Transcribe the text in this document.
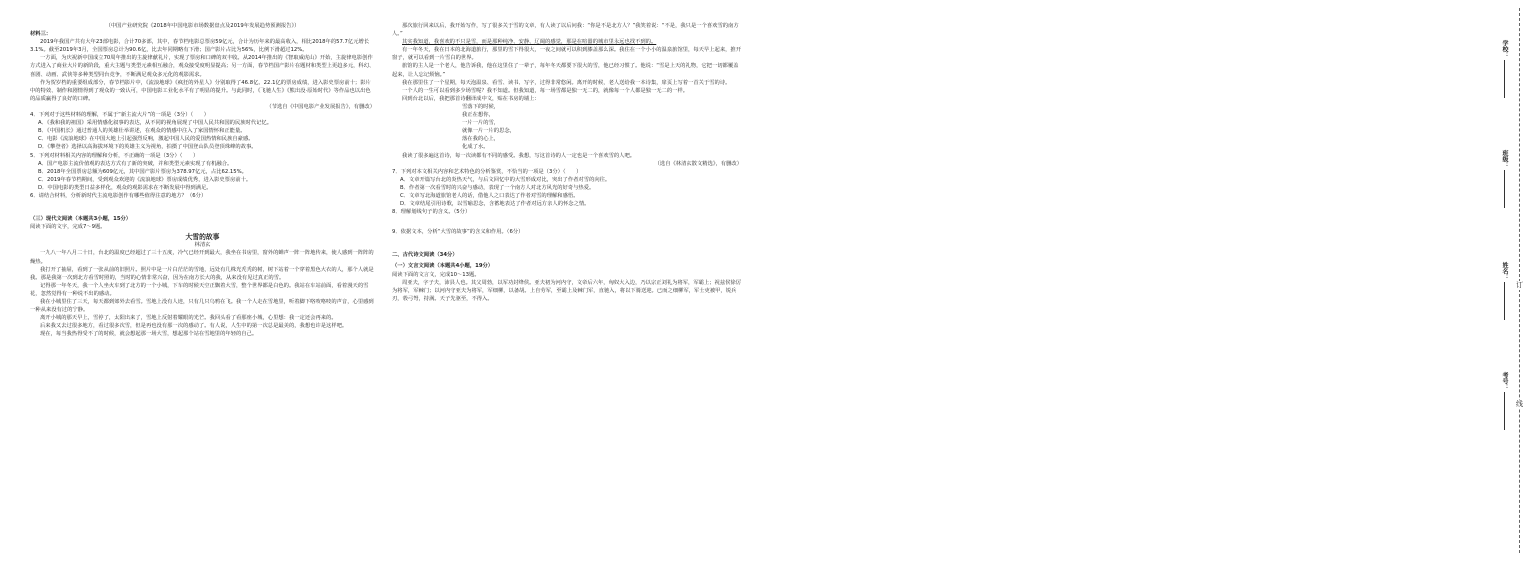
（中国产业研究院《2018年中国电影市场数据盘点及2019年发展趋势预测报告》）

材料三：

2019年我国产共有大年23部电影，合计70多部，其中，春节档电影总票房59亿元，合计为历年来的最高收入，相比2018年的57.7亿元增长3.1%。截至2019年3月，全国票房总计为90.6亿，比去年同期略有下滑；国产影片占比为56%，比例下滑超过12%。

一方面，为庆祝新中国成立70周年推出的主旋律献礼片，实现了票房和口碑的双丰收。从2014年推出的《智取威虎山》开始，主旋律电影创作方式进入了商业大片的新阶段，重大主题与类型元素相互融合，观众接受度明显提高；另一方面，春节档国产影片在题材和类型上更趋多元，科幻、喜剧、动画、武侠等多种类型同台竞争，不断满足观众多元化的观影需求。

作为贺岁档的重要组成部分，春节档影片中，《流浪地球》《疯狂的外星人》分别取得了46.8亿、22.1亿的票房成绩，进入影史票房前十；影片中的特效、制作和剧情得到了观众的一致认可，中国电影工业化水平有了明显的提升。与此同时，《飞驰人生》《熊出没·原始时代》等作品也以出色的品质赢得了良好的口碑。

（节选自《中国电影产业发展报告》，有删改）

4．下列对于这些材料的理解，不属于“新主流大片”的一项是（3分）（　　）

A．《我和我的祖国》采用情感化叙事的表达，从不同的视角展现了中国人民共和国的民族时代记忆。

B．《中国机长》通过普通人的英雄壮举讲述，在观众的情感中注入了家国情怀和正能量。

C．电影《流浪地球》在中国大地上引起强烈反响，激起中国人民的爱国热情和民族自豪感。

D．《攀登者》选择以高海拔环境下的英雄主义为视角，拍摄了中国登山队员登顶珠峰的故事。

5．下列对材料相关内容的理解和分析，不正确的一项是（3分）（　　）

A．国产电影主流价值观的表达方式有了新的突破，并和类型元素实现了有机融合。

B．2018年全国票房总额为609亿元，其中国产影片票房为378.97亿元，占比62.15%。

C．2019年春节档期间，受到观众欢迎的《流浪地球》票房成绩优秀，进入影史票房前十。

D．中国电影的类型日益多样化，观众的观影需求在不断发展中得到满足。

6．请结合材料，分析新时代主流电影创作有哪些值得注意的地方？（6分）

（三）现代文阅读（本题共3小题，15分）

阅读下面的文字，完成7～9题。

大雪的故事

林清玄

一九八一年八月二十日，台北的温度已经超过了三十五度，冷气已经开到最大，我坐在书房里，窗外的蝉声一阵一阵地传来，使人感到一阵阵的燥热。

我打开了抽屉，看到了一张从前的旧照片。照片中是一片白茫茫的雪地，远处有几株光秃秃的树，树下站着一个穿着黑色大衣的人，那个人就是我。那是我第一次到北方看雪时照的，当时的心情非常兴奋，因为在南方长大的我，从来没有见过真正的雪。

记得那一年冬天，我一个人坐火车到了北方的一个小城，下车的时候天空正飘着大雪，整个世界都是白色的。我站在车站前面，看着漫天的雪花，忽然觉得有一种说不出的感动。

我在小城里住了三天，每天都到郊外去看雪。雪地上没有人迹，只有几只乌鸦在飞。我一个人走在雪地里，听着脚下咯吱咯吱的声音，心里感到一种从来没有过的宁静。

离开小城的那天早上，雪停了，太阳出来了，雪地上反射着耀眼的光芒。我回头看了看那座小城，心里想：我一定还会再来的。

后来我又去过很多地方，看过很多次雪，但是再也没有那一次的感动了。有人说，人生中的第一次总是最美的，我想也许是这样吧。

现在，每当我热得受不了的时候，就会想起那一场大雪，想起那个站在雪地里的年轻的自己。

那次旅行回来以后，我开始写作，写了很多关于雪的文章，有人读了以后问我：“你是不是北方人？”我笑着说：“不是，我只是一个喜欢雪的南方人。”

其实我知道，我喜欢的不只是雪，而是那种纯净、安静、辽阔的感觉，那是在喧嚣的城市里永远也找不到的。

有一年冬天，我在日本的北海道旅行，那里的雪下得很大，一夜之间就可以积到膝盖那么深。我住在一个小小的温泉旅馆里，每天早上起来，推开窗子，就可以看到一片雪白的世界。

旅馆的主人是一个老人，他告诉我，他在这里住了一辈子，每年冬天都要下很大的雪，他已经习惯了。他说：“雪是上天的礼物，它把一切都覆盖起来，让人忘记烦恼。”

我在那里住了一个星期，每天泡温泉、看雪、读书、写字，过得非常悠闲。离开的时候，老人送给我一本诗集，扉页上写着一首关于雪的诗。

一个人的一生可以看到多少场雪呢？我不知道。但我知道，每一场雪都是独一无二的，就像每一个人都是独一无二的一样。

回到台北以后，我把那首诗翻译成中文，贴在书房的墙上：

雪落下的时候，

我正在想你，

一片一片的雪，

就像一片一片的思念，

落在我的心上，

化成了水。

我读了很多遍这首诗，每一次读都有不同的感受。我想，写这首诗的人一定也是一个喜欢雪的人吧。

（选自《林清玄散文精选》，有删改）

7．下列对本文相关内容和艺术特色的分析鉴赏，不恰当的一项是（3分）（　　）

A．文章开篇写台北的炎热天气，与后文回忆中的大雪形成对比，突出了作者对雪的向往。

B．作者第一次看雪时的兴奋与感动，表现了一个南方人对北方风光的好奇与热爱。

C．文章写北海道旅馆老人的话，借他人之口表达了作者对雪的理解和感悟。

D．文章结尾引用诗歌，以雪喻思念，含蓄地表达了作者对远方亲人的怀念之情。

8．理解划线句子的含义。（5分）

9．依据文本，分析“大雪的故事”的含义和作用。（6分）

二、古代诗文阅读（34分）

（一）文言文阅读（本题共4小题，19分）

阅读下面的文言文，完成10～13题。

周亚夫，字子夫，沛县人也。其父周勃，以军功封绛侯。亚夫初为河内守，文帝后六年，匈奴大入边，乃以宗正刘礼为将军，军霸上；祝兹侯徐厉为将军，军棘门；以河内守亚夫为将军，军细柳，以备胡。上自劳军，至霸上及棘门军，直驰入，将以下骑送迎。已而之细柳军，军士吏被甲，锐兵刃，彀弓弩，持满。天子先驱至，不得入。

学校：
班级：
姓名：
考号：
订
线
